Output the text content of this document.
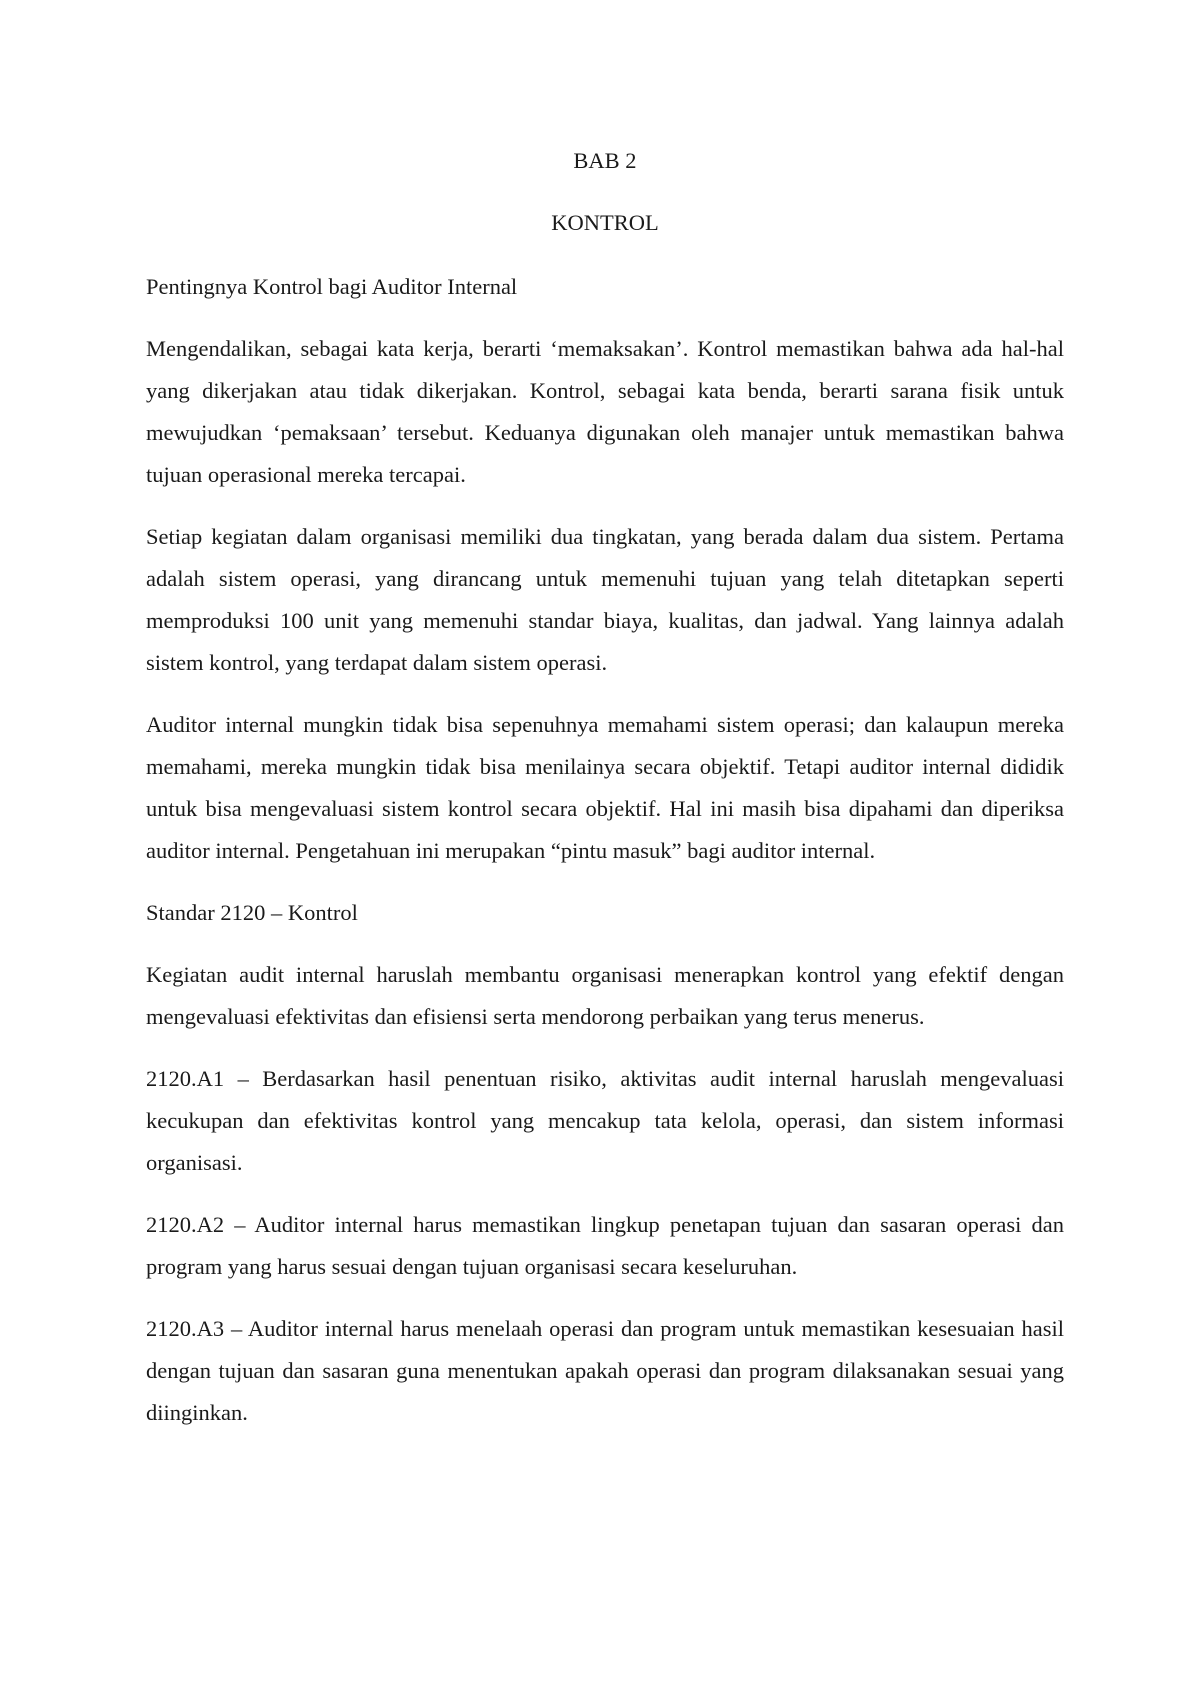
BAB 2

KONTROL

Pentingnya Kontrol bagi Auditor Internal

Mengendalikan, sebagai kata kerja, berarti ‘memaksakan’. Kontrol memastikan bahwa ada hal-hal yang dikerjakan atau tidak dikerjakan. Kontrol, sebagai kata benda, berarti sarana fisik untuk mewujudkan ‘pemaksaan’ tersebut. Keduanya digunakan oleh manajer untuk memastikan bahwa tujuan operasional mereka tercapai.

Setiap kegiatan dalam organisasi memiliki dua tingkatan, yang berada dalam dua sistem. Pertama adalah sistem operasi, yang dirancang untuk memenuhi tujuan yang telah ditetapkan seperti memproduksi 100 unit yang memenuhi standar biaya, kualitas, dan jadwal. Yang lainnya adalah sistem kontrol, yang terdapat dalam sistem operasi.

Auditor internal mungkin tidak bisa sepenuhnya memahami sistem operasi; dan kalaupun mereka memahami, mereka mungkin tidak bisa menilainya secara objektif. Tetapi auditor internal dididik untuk bisa mengevaluasi sistem kontrol secara objektif. Hal ini masih bisa dipahami dan diperiksa auditor internal. Pengetahuan ini merupakan “pintu masuk” bagi auditor internal.

Standar 2120 – Kontrol

Kegiatan audit internal haruslah membantu organisasi menerapkan kontrol yang efektif dengan mengevaluasi efektivitas dan efisiensi serta mendorong perbaikan yang terus menerus.

2120.A1 – Berdasarkan hasil penentuan risiko, aktivitas audit internal haruslah mengevaluasi kecukupan dan efektivitas kontrol yang mencakup tata kelola, operasi, dan sistem informasi organisasi.

2120.A2 – Auditor internal harus memastikan lingkup penetapan tujuan dan sasaran operasi dan program yang harus sesuai dengan tujuan organisasi secara keseluruhan.

2120.A3 – Auditor internal harus menelaah operasi dan program untuk memastikan kesesuaian hasil dengan tujuan dan sasaran guna menentukan apakah operasi dan program dilaksanakan sesuai yang diinginkan.
